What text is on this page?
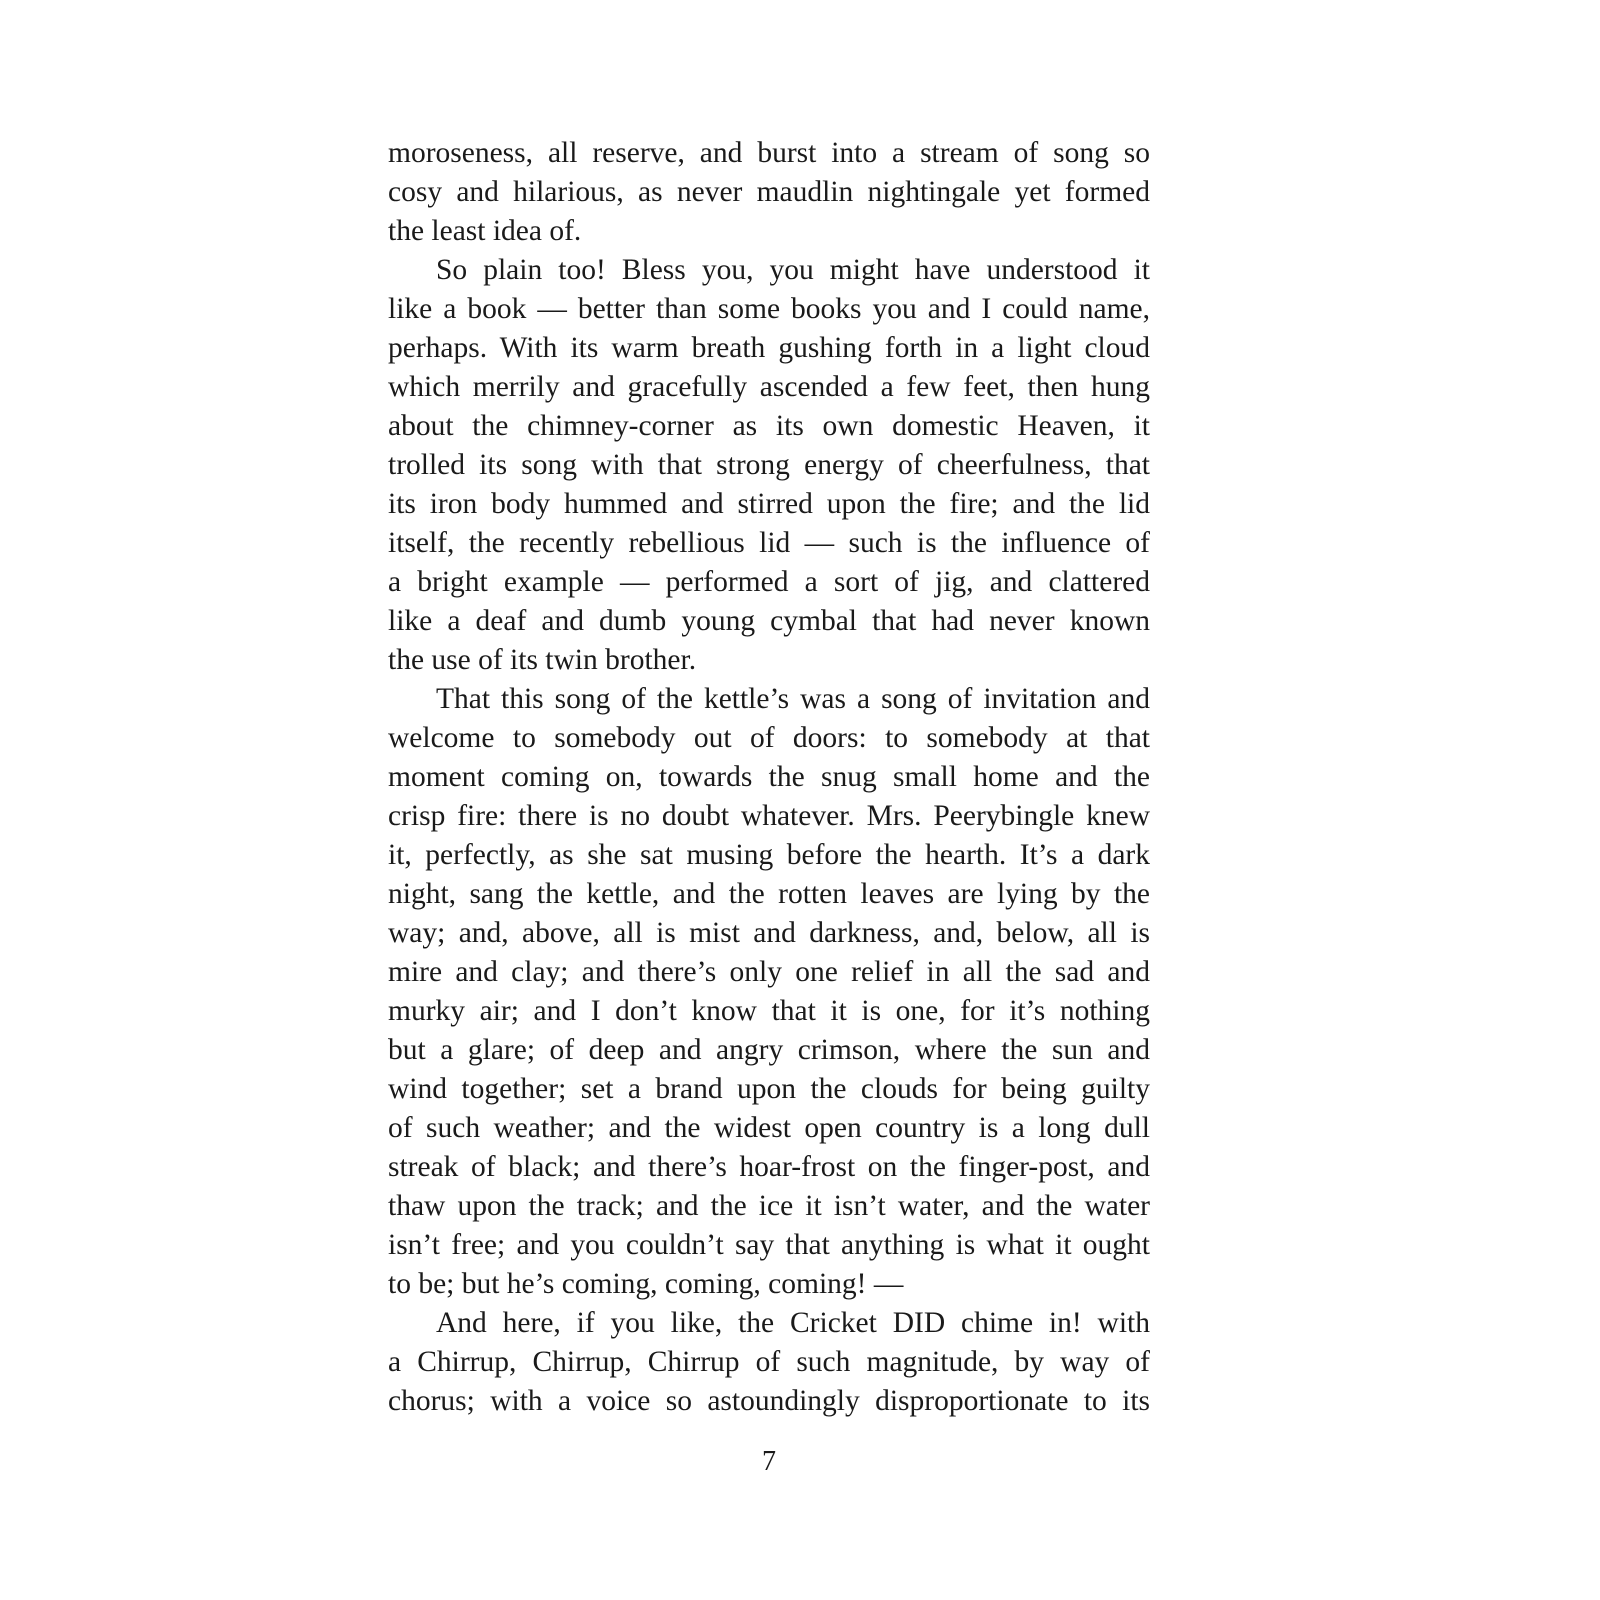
moroseness, all reserve, and burst into a stream of song so
cosy and hilarious, as never maudlin nightingale yet formed
the least idea of.
So plain too! Bless you, you might have understood it
like a book — better than some books you and I could name,
perhaps. With its warm breath gushing forth in a light cloud
which merrily and gracefully ascended a few feet, then hung
about the chimney-corner as its own domestic Heaven, it
trolled its song with that strong energy of cheerfulness, that
its iron body hummed and stirred upon the fire; and the lid
itself, the recently rebellious lid — such is the influence of
a bright example — performed a sort of jig, and clattered
like a deaf and dumb young cymbal that had never known
the use of its twin brother.
That this song of the kettle’s was a song of invitation and
welcome to somebody out of doors: to somebody at that
moment coming on, towards the snug small home and the
crisp fire: there is no doubt whatever. Mrs. Peerybingle knew
it, perfectly, as she sat musing before the hearth. It’s a dark
night, sang the kettle, and the rotten leaves are lying by the
way; and, above, all is mist and darkness, and, below, all is
mire and clay; and there’s only one relief in all the sad and
murky air; and I don’t know that it is one, for it’s nothing
but a glare; of deep and angry crimson, where the sun and
wind together; set a brand upon the clouds for being guilty
of such weather; and the widest open country is a long dull
streak of black; and there’s hoar-frost on the finger-post, and
thaw upon the track; and the ice it isn’t water, and the water
isn’t free; and you couldn’t say that anything is what it ought
to be; but he’s coming, coming, coming! —
And here, if you like, the Cricket DID chime in! with
a Chirrup, Chirrup, Chirrup of such magnitude, by way of
chorus; with a voice so astoundingly disproportionate to its
7
